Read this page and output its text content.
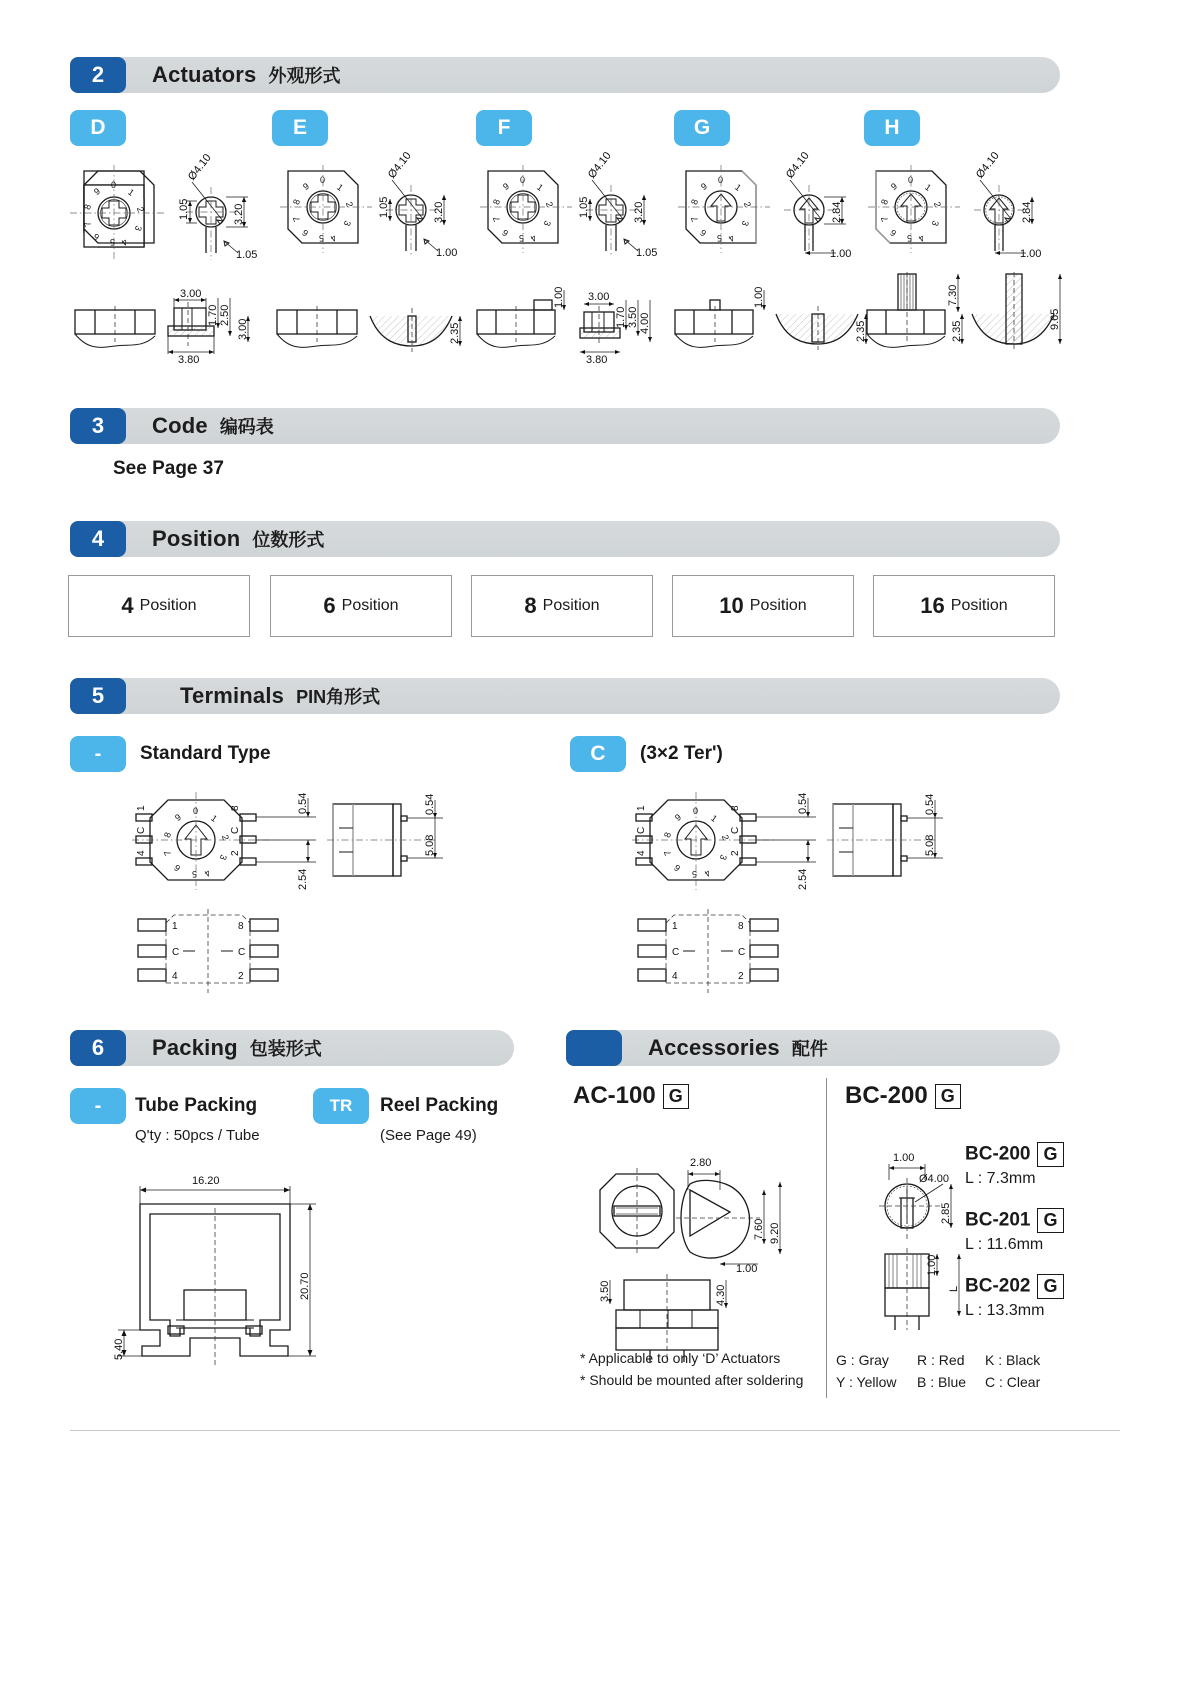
2	Actuators 外观形式
D	E	F	G	H
0
1
2
3
4
5
6
7
8
9
Ø4.10
1.05	3.20
1.05
0
1
2
3
4
5
6
7
8
9
Ø4.10
1.05	3.20
1.00
0
1
2
3
4
5
6
7
8
9
Ø4.10
1.05	3.20
1.05
0
1
2
3
4
5
6
7
8
9
Ø4.10
2.84
1.00
0
1
2
3
4
5
6
7
8
9
Ø4.10
2.84
1.00
3.00
1.70 2.50
3.00
3.80
2.35
1.00 3.00
1.70 3.50 4.00
3.80
1.00
2.35
7.30
9.65
2.35
3	Code 编码表
See Page 37
4	Position 位数形式
4 Position	6 Position	8 Position	10 Position	16 Position
5	Terminals PIN角形式
-	Standard Type	C	(3×2 Ter')
0
1
2
3
4
5
6
7
8
9
1
C
4
8
C
2
0.54
2.54
0.54
5.08
1
C
4
8
C
2
0
1
2
3
4
5
6
7
8
9
1
C
4
8
C
2
0.54
2.54
0.54
5.08
1
C
4
8
C
2
6	Packing 包装形式
-	Tube Packing
Q'ty : 50pcs / Tube
TR	Reel Packing
(See Page 49)
16.20
20.70
5.40
Accessories 配件
AC-100 G	BC-200 G
2.80
7.60 9.20
1.00
3.50	4.30
* Applicable to only ‘D’ Actuators
* Should be mounted after soldering
1.00
Ø4.00
2.85
1.00
L
BC-200 G
L : 7.3mm
BC-201 G
L : 11.6mm
BC-202 G
L : 13.3mm
G : Gray R : Red K : Black
Y : Yellow B : Blue C : Clear
